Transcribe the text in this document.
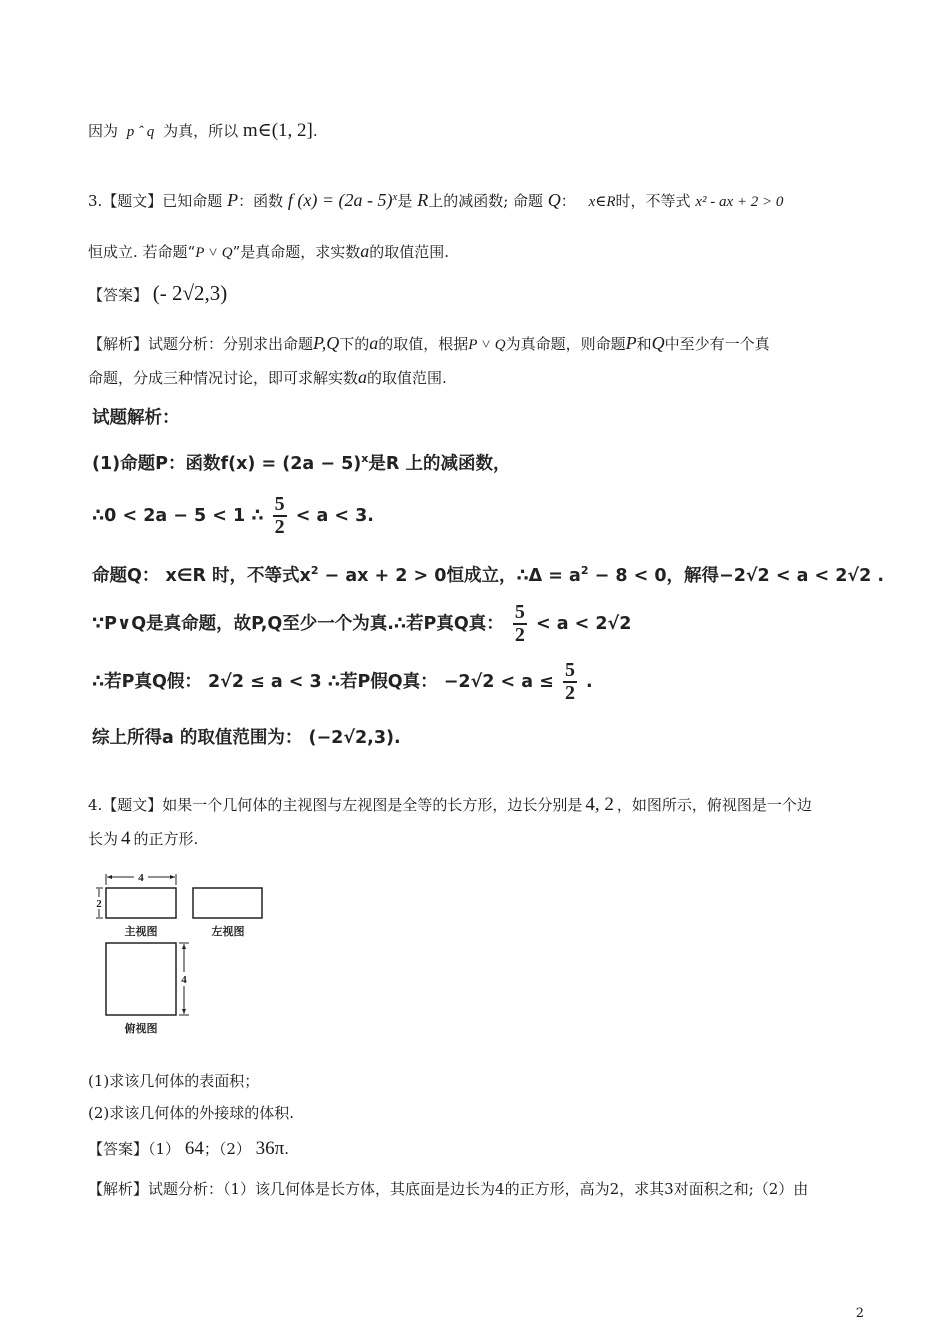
因为 p ˆ q 为真，所以 m∈(1, 2].
3.【题文】已知命题 P：函数 f (x) = (2a - 5)$^x$是 R上的减函数; 命题 Q： x∈R时，不等式 x² - ax + 2 > 0
恒成立. 若命题“P ˅ Q”是真命题，求实数a的取值范围.
【答案】 (- 2√2,3)
【解析】试题分析：分别求出命题P,Q下的a的取值，根据P ˅ Q为真命题，则命题P和Q中至少有一个真
命题，分成三种情况讨论，即可求解实数a的取值范围.
试题解析：
(1)命题P：函数$f(x) = (2a - 5)^x$是R 上的减函数，
∴0 < 2a − 5 < 1 ∴ $\frac{5}{2} < a < 3$.
命题Q： x∈R 时，不等式$x^2$ − ax + 2 > 0恒成立，∴Δ = $a^2 - 8 < 0$，解得−2√2 < a < 2√2 .
∵P∨Q是真命题，故P,Q至少一个为真.∴若P真Q真： $\frac{5}{2} < a < 2√2$
∴若P真Q假： 2√2 ≤ a < 3 ∴若P假Q真： $-2√2 < a \le \frac{5}{2}$ .
综上所得a 的取值范围为： (−2√2,3).
4.【题文】如果一个几何体的主视图与左视图是全等的长方形，边长分别是 4, 2 ，如图所示，俯视图是一个边
长为 4 的正方形.
4
2
主视图	左视图
4
俯视图
(1)求该几何体的表面积；
(2)求该几何体的外接球的体积.
【答案】（1） 64；（2） 36π.
【解析】试题分析：（1）该几何体是长方体，其底面是边长为4的正方形，高为2，求其3对面积之和;（2）由
2
